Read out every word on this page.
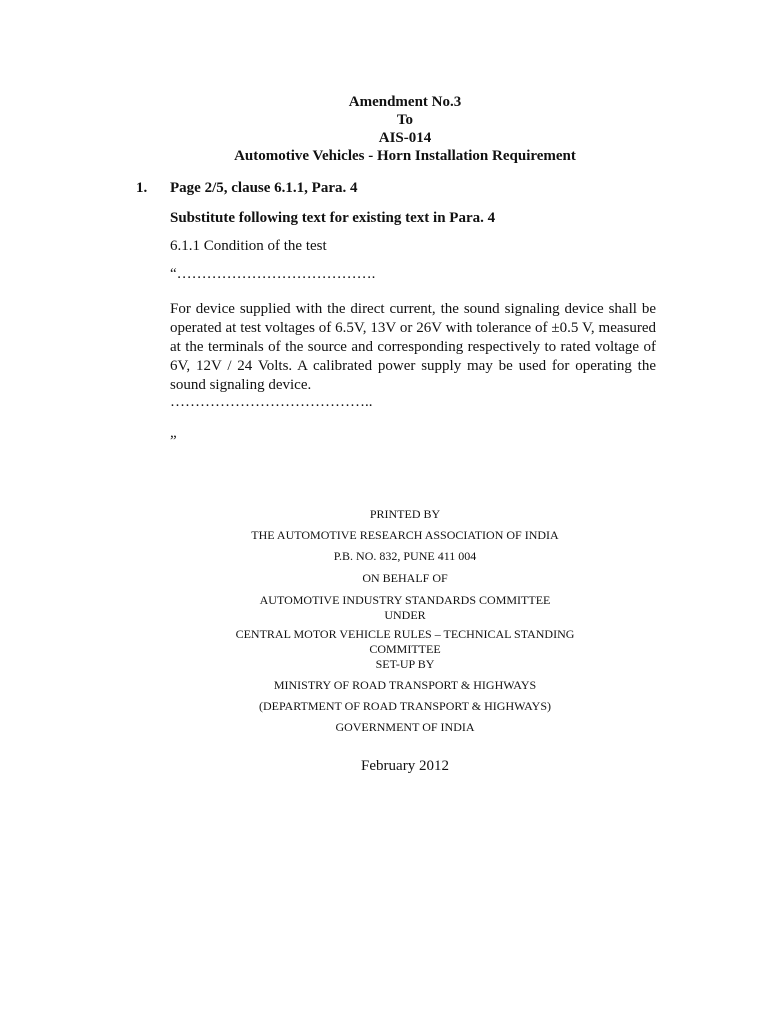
Amendment No.3
To
AIS-014
Automotive Vehicles - Horn Installation Requirement
1. Page 2/5, clause 6.1.1, Para. 4
Substitute following text for existing text in Para. 4
6.1.1 Condition of the test
“………………………………….

For device supplied with the direct current, the sound signaling device shall be operated at test voltages of 6.5V, 13V or 26V with tolerance of ±0.5 V, measured at the terminals of the source and corresponding respectively to rated voltage of 6V, 12V / 24 Volts. A calibrated power supply may be used for operating the sound signaling device.

…………………………………..
„
PRINTED BY
THE AUTOMOTIVE RESEARCH ASSOCIATION OF INDIA
P.B. NO. 832, PUNE 411 004
ON BEHALF OF
AUTOMOTIVE INDUSTRY STANDARDS COMMITTEE
UNDER
CENTRAL MOTOR VEHICLE RULES – TECHNICAL STANDING
COMMITTEE
SET-UP BY
MINISTRY OF ROAD TRANSPORT & HIGHWAYS
(DEPARTMENT OF ROAD TRANSPORT & HIGHWAYS)
GOVERNMENT OF INDIA
February 2012
